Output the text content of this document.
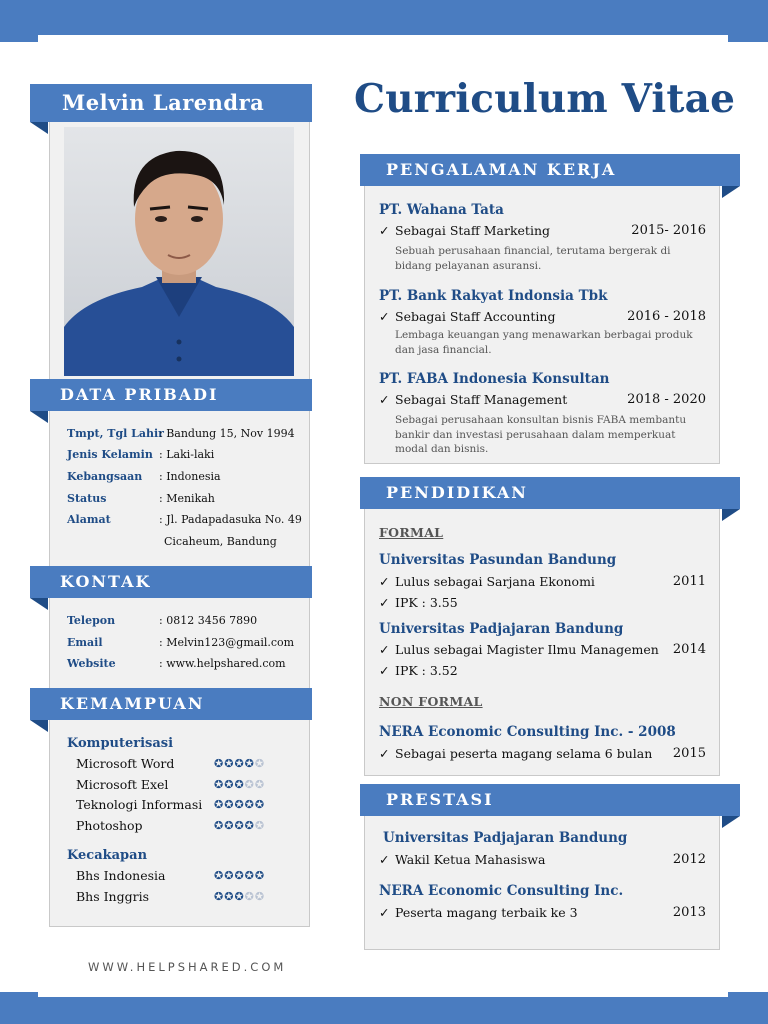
Melvin Larendra
DATA PRIBADI
Tmpt, Tgl Lahir
: Bandung 15, Nov 1994
Jenis Kelamin : Laki-laki
Kebangsaan : Indonesia
Status	: Menikah
Alamat	: Jl. Padapadasuka No. 49
Cicaheum, Bandung
KONTAK
Telepon	: 0812 3456 7890
Email	: Melvin123@gmail.com
Website	: www.helpshared.com
KEMAMPUAN
Komputerisasi
Microsoft Word	✪✪✪✪✪
Microsoft Exel	✪✪✪✪✪
Teknologi Informasi ✪✪✪✪✪
Photoshop	✪✪✪✪✪
Kecakapan
Bhs Indonesia	✪✪✪✪✪
Bhs Inggris	✪✪✪✪✪
Curriculum Vitae
PENGALAMAN KERJA
PT. Wahana Tata
✓ Sebagai Staff Marketing	2015- 2016
Sebuah perusahaan financial, terutama bergerak di bidang pelayanan asuransi.
PT. Bank Rakyat Indonsia Tbk
✓ Sebagai Staff Accounting	2016 - 2018
Lembaga keuangan yang menawarkan berbagai produk dan jasa financial.
PT. FABA Indonesia Konsultan
✓ Sebagai Staff Management	2018 - 2020
Sebagai perusahaan konsultan bisnis FABA membantu bankir dan investasi perusahaan dalam memperkuat modal dan bisnis.
PENDIDIKAN
FORMAL
Universitas Pasundan Bandung
✓ Lulus sebagai Sarjana Ekonomi	2011
✓ IPK : 3.55
Universitas Padjajaran Bandung
✓ Lulus sebagai Magister Ilmu Managemen 2014
✓ IPK : 3.52
NON FORMAL
NERA Economic Consulting Inc. - 2008
✓ Sebagai peserta magang selama 6 bulan 2015
PRESTASI
Universitas Padjajaran Bandung
✓ Wakil Ketua Mahasiswa	2012
NERA Economic Consulting Inc.
✓ Peserta magang terbaik ke 3	2013
WWW.HELPSHARED.COM
